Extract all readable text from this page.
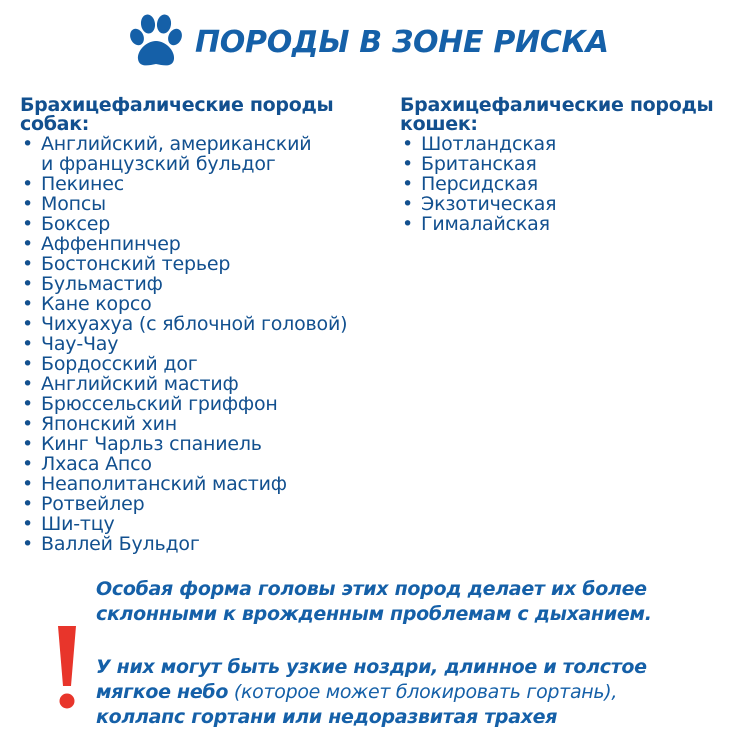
ПОРОДЫ В ЗОНЕ РИСКА
Брахицефалические породы
собак:
• Английский, американский
и французский бульдог
• Пекинес
• Мопсы
• Боксер
• Аффенпинчер
• Бостонский терьер
• Бульмастиф
• Кане корсо
• Чихуахуа (с яблочной головой)
• Чау-Чау
• Бордосский дог
• Английский мастиф
• Брюссельский гриффон
• Японский хин
• Кинг Чарльз спаниель
• Лхаса Апсо
• Неаполитанский мастиф
• Ротвейлер
• Ши-тцу
• Валлей Бульдог
Брахицефалические породы
кошек:
• Шотландская
• Британская
• Персидская
• Экзотическая
• Гималайская
Особая форма головы этих пород делает их более
склонными к врожденным проблемам с дыханием.
У них могут быть узкие ноздри, длинное и толстое
мягкое небо (которое может блокировать гортань),
коллапс гортани или недоразвитая трахея
